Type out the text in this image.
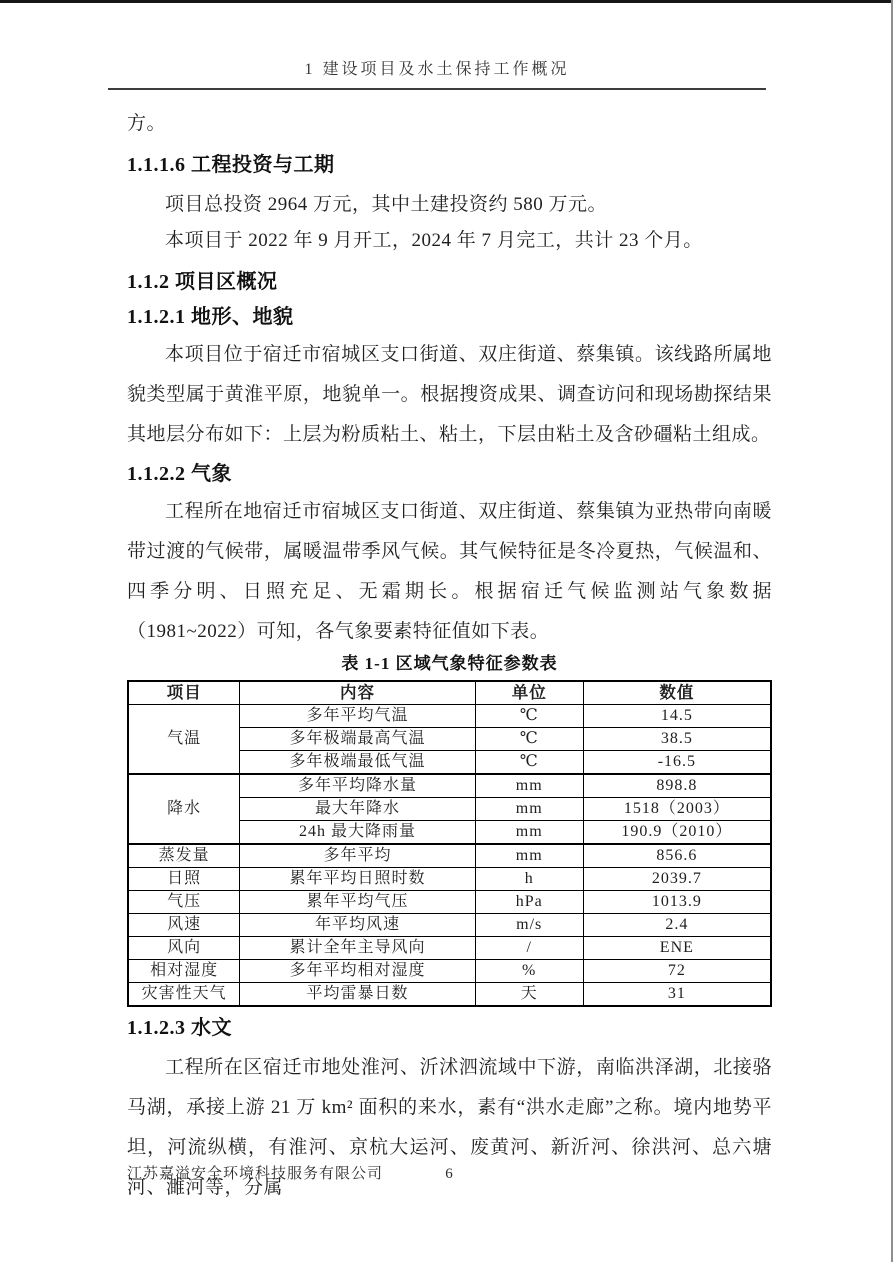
1 建设项目及水土保持工作概况

方。

1.1.1.6 工程投资与工期

项目总投资 2964 万元，其中土建投资约 580 万元。

本项目于 2022 年 9 月开工，2024 年 7 月完工，共计 23 个月。

1.1.2 项目区概况
1.1.2.1 地形、地貌

本项目位于宿迁市宿城区支口街道、双庄街道、蔡集镇。该线路所属地貌类型属于黄淮平原，地貌单一。根据搜资成果、调查访问和现场勘探结果其地层分布如下：上层为粉质粘土、粘土，下层由粘土及含砂礓粘土组成。

1.1.2.2 气象

工程所在地宿迁市宿城区支口街道、双庄街道、蔡集镇为亚热带向南暖带过渡的气候带，属暖温带季风气候。其气候特征是冬冷夏热，气候温和、四季分明、日照充足、无霜期长。根据宿迁气候监测站气象数据（1981~2022）可知，各气象要素特征值如下表。

表 1-1 区域气象特征参数表

项目	内容	单位	数值
气温	多年平均气温	℃	14.5
	多年极端最高气温	℃	38.5
	多年极端最低气温	℃	-16.5
降水	多年平均降水量	mm	898.8
	最大年降水	mm	1518（2003）
	24h 最大降雨量	mm	190.9（2010）
蒸发量	多年平均	mm	856.6
日照	累年平均日照时数	h	2039.7
气压	累年平均气压	hPa	1013.9
风速	年平均风速	m/s	2.4
风向	累计全年主导风向	/	ENE
相对湿度	多年平均相对湿度	%	72
灾害性天气	平均雷暴日数	天	31
1.1.2.3 水文

工程所在区宿迁市地处淮河、沂沭泗流域中下游，南临洪泽湖，北接骆马湖，承接上游 21 万 km² 面积的来水，素有“洪水走廊”之称。境内地势平坦，河流纵横，有淮河、京杭大运河、废黄河、新沂河、徐洪河、总六塘河、濉河等，分属

江苏嘉溢安全环境科技服务有限公司	6
